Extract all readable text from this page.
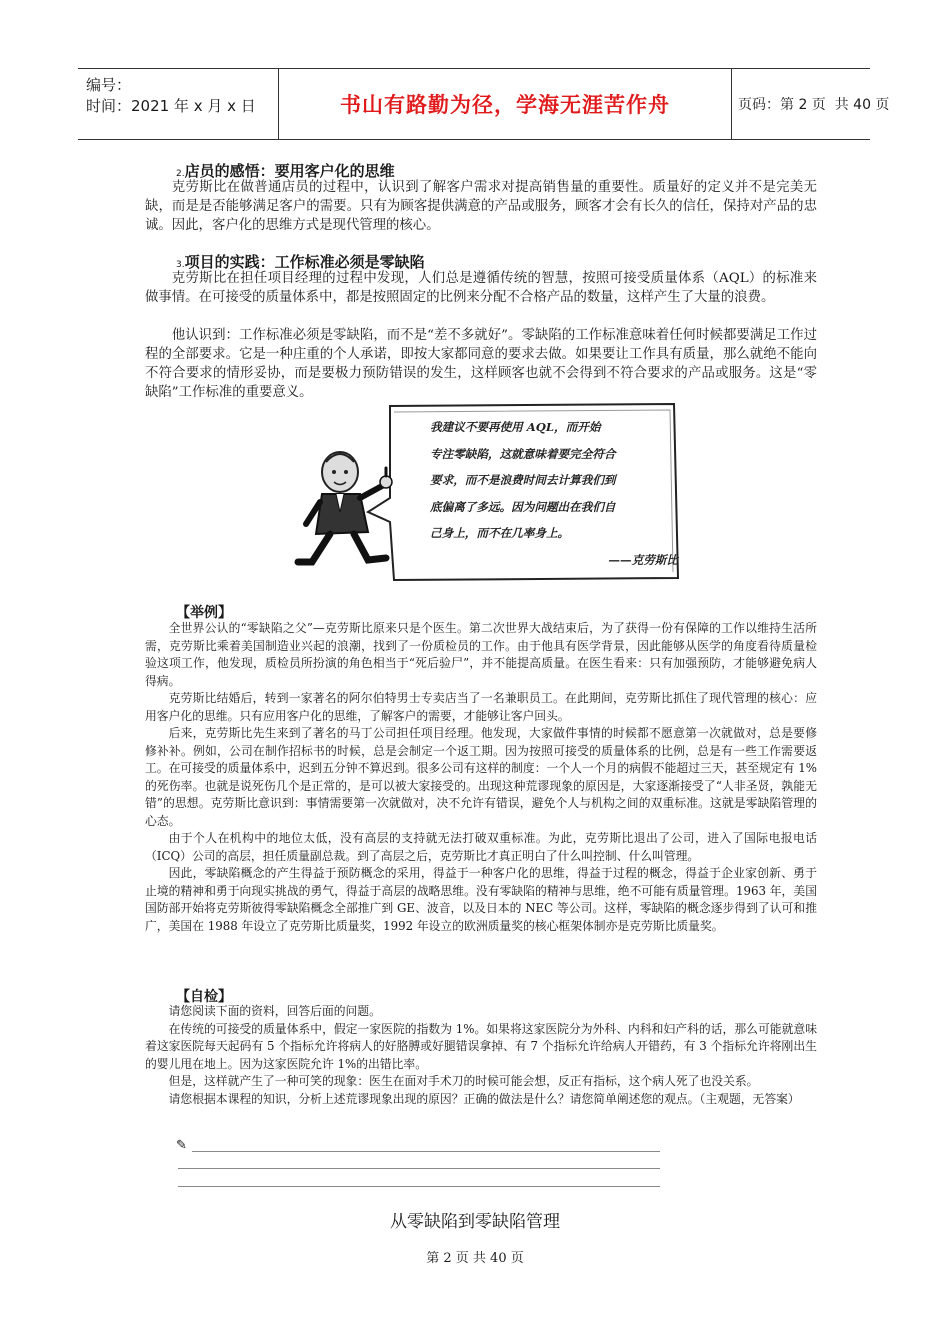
编号：
时间：2021 年 x 月 x 日	书山有路勤为径，学海无涯苦作舟	页码：第 2 页  共 40 页
2.店员的感悟：要用客户化的思维
克劳斯比在做普通店员的过程中，认识到了解客户需求对提高销售量的重要性。质量好的定义并不是完美无缺，而是是否能够满足客户的需要。只有为顾客提供满意的产品或服务，顾客才会有长久的信任，保持对产品的忠诚。因此，客户化的思维方式是现代管理的核心。
3.项目的实践：工作标准必须是零缺陷
克劳斯比在担任项目经理的过程中发现，人们总是遵循传统的智慧，按照可接受质量体系（AQL）的标准来做事情。在可接受的质量体系中，都是按照固定的比例来分配不合格产品的数量，这样产生了大量的浪费。
他认识到：工作标准必须是零缺陷，而不是“差不多就好”。零缺陷的工作标准意味着任何时候都要满足工作过程的全部要求。它是一种庄重的个人承诺，即按大家都同意的要求去做。如果要让工作具有质量，那么就绝不能向不符合要求的情形妥协，而是要极力预防错误的发生，这样顾客也就不会得到不符合要求的产品或服务。这是“零缺陷”工作标准的重要意义。
我建议不要再使用 AQL，而开始
专注零缺陷，这就意味着要完全符合
要求，而不是浪费时间去计算我们到
底偏离了多远。因为问题出在我们自
己身上，而不在几率身上。
——克劳斯比
【举例】
全世界公认的“零缺陷之父”—克劳斯比原来只是个医生。第二次世界大战结束后，为了获得一份有保障的工作以维持生活所需，克劳斯比乘着美国制造业兴起的浪潮，找到了一份质检员的工作。由于他具有医学背景，因此能够从医学的角度看待质量检验这项工作，他发现，质检员所扮演的角色相当于“死后验尸”，并不能提高质量。在医生看来：只有加强预防，才能够避免病人得病。
克劳斯比结婚后，转到一家著名的阿尔伯特男士专卖店当了一名兼职员工。在此期间，克劳斯比抓住了现代管理的核心：应用客户化的思维。只有应用客户化的思维，了解客户的需要，才能够让客户回头。
后来，克劳斯比先生来到了著名的马丁公司担任项目经理。他发现，大家做件事情的时候都不愿意第一次就做对，总是要修修补补。例如，公司在制作招标书的时候，总是会制定一个返工期。因为按照可接受的质量体系的比例，总是有一些工作需要返工。在可接受的质量体系中，迟到五分钟不算迟到。很多公司有这样的制度：一个人一个月的病假不能超过三天，甚至规定有 1%的死伤率。也就是说死伤几个是正常的，是可以被大家接受的。出现这种荒谬现象的原因是，大家逐渐接受了“人非圣贤，孰能无错”的思想。克劳斯比意识到：事情需要第一次就做对，决不允许有错误，避免个人与机构之间的双重标准。这就是零缺陷管理的心态。
由于个人在机构中的地位太低，没有高层的支持就无法打破双重标准。为此，克劳斯比退出了公司，进入了国际电报电话（ICQ）公司的高层，担任质量副总裁。到了高层之后，克劳斯比才真正明白了什么叫控制、什么叫管理。
因此，零缺陷概念的产生得益于预防概念的采用，得益于一种客户化的思维，得益于过程的概念，得益于企业家创新、勇于止境的精神和勇于向现实挑战的勇气，得益于高层的战略思维。没有零缺陷的精神与思维，绝不可能有质量管理。1963 年，美国国防部开始将克劳斯彼得零缺陷概念全部推广到 GE、波音，以及日本的 NEC 等公司。这样，零缺陷的概念逐步得到了认可和推广，美国在 1988 年设立了克劳斯比质量奖，1992 年设立的欧洲质量奖的核心框架体制亦是克劳斯比质量奖。
【自检】
请您阅读下面的资料，回答后面的问题。
在传统的可接受的质量体系中，假定一家医院的指数为 1%。如果将这家医院分为外科、内科和妇产科的话，那么可能就意味着这家医院每天起码有 5 个指标允许将病人的好胳膊或好腿错误拿掉、有 7 个指标允许给病人开错药，有 3 个指标允许将刚出生的婴儿甩在地上。因为这家医院允许 1%的出错比率。
但是，这样就产生了一种可笑的现象：医生在面对手术刀的时候可能会想，反正有指标，这个病人死了也没关系。
请您根据本课程的知识，分析上述荒谬现象出现的原因？正确的做法是什么？请您简单阐述您的观点。（主观题，无答案）
✎
从零缺陷到零缺陷管理
第 2 页 共 40 页
